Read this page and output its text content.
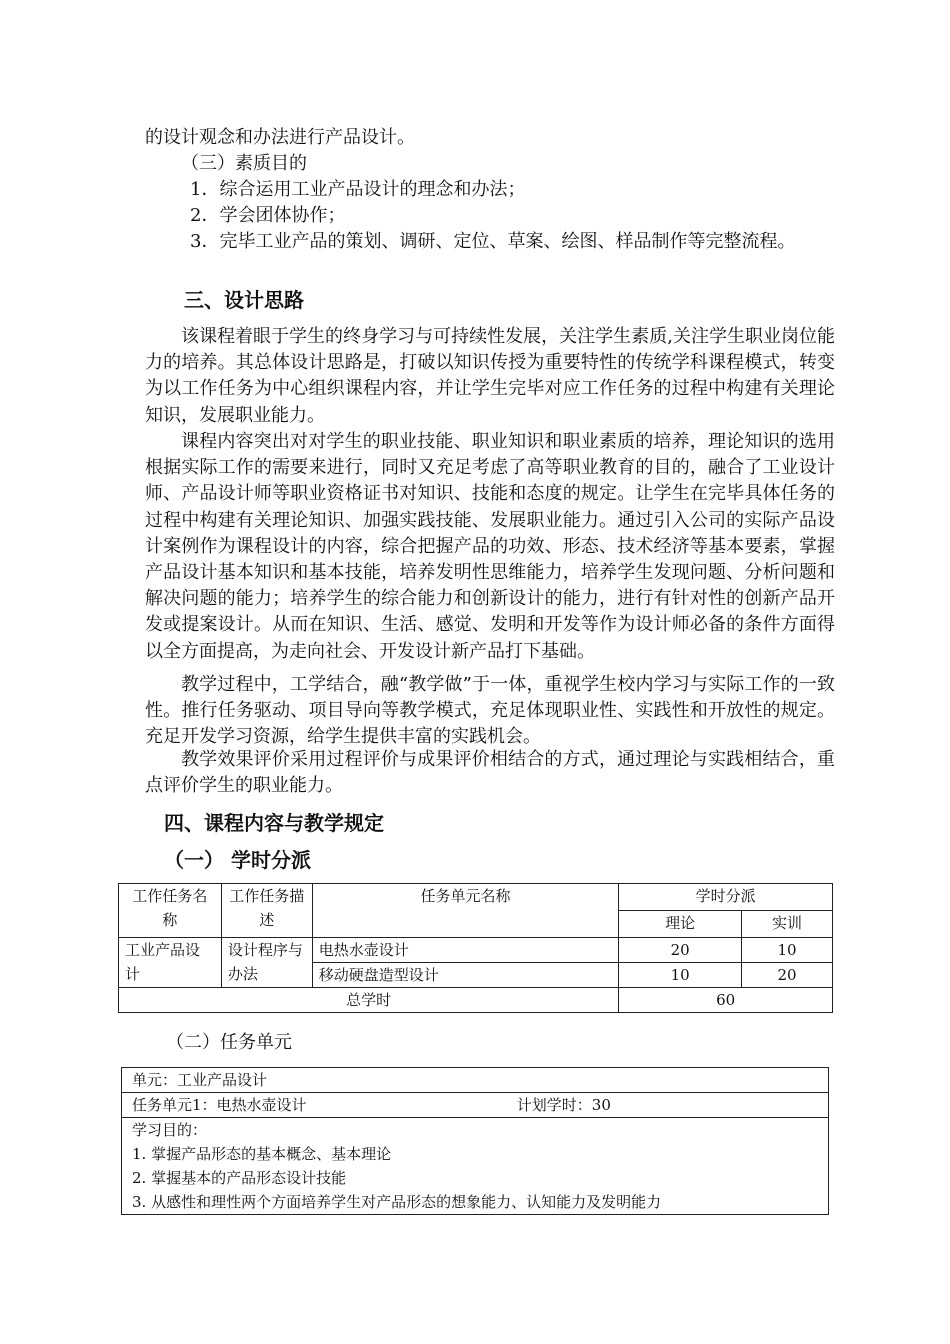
的设计观念和办法进行产品设计。
（三）素质目的
1．综合运用工业产品设计的理念和办法；
2．学会团体协作；
3．完毕工业产品的策划、调研、定位、草案、绘图、样品制作等完整流程。
三、设计思路
该课程着眼于学生的终身学习与可持续性发展，关注学生素质,关注学生职业岗位能力的培养。其总体设计思路是，打破以知识传授为重要特性的传统学科课程模式，转变为以工作任务为中心组织课程内容，并让学生完毕对应工作任务的过程中构建有关理论知识，发展职业能力。
课程内容突出对对学生的职业技能、职业知识和职业素质的培养，理论知识的选用根据实际工作的需要来进行，同时又充足考虑了高等职业教育的目的，融合了工业设计师、产品设计师等职业资格证书对知识、技能和态度的规定。让学生在完毕具体任务的过程中构建有关理论知识、加强实践技能、发展职业能力。通过引入公司的实际产品设计案例作为课程设计的内容，综合把握产品的功效、形态、技术经济等基本要素，掌握产品设计基本知识和基本技能，培养发明性思维能力，培养学生发现问题、分析问题和解决问题的能力；培养学生的综合能力和创新设计的能力，进行有针对性的创新产品开发或提案设计。从而在知识、生活、感觉、发明和开发等作为设计师必备的条件方面得以全方面提高，为走向社会、开发设计新产品打下基础。
教学过程中，工学结合，融“教学做”于一体，重视学生校内学习与实际工作的一致性。推行任务驱动、项目导向等教学模式，充足体现职业性、实践性和开放性的规定。充足开发学习资源，给学生提供丰富的实践机会。
教学效果评价采用过程评价与成果评价相结合的方式，通过理论与实践相结合，重点评价学生的职业能力。
四、课程内容与教学规定
（一） 学时分派
工作任务名称	工作任务描述	任务单元名称	学时分派	
			理论	实训
工业产品设计	设计程序与办法	电热水壶设计	20	10
		移动硬盘造型设计	10	20
总学时			60	
（二）任务单元
单元：工业产品设计
任务单元1：电热水壶设计	计划学时：30

学习目的：
1. 掌握产品形态的基本概念、基本理论
2. 掌握基本的产品形态设计技能
3. 从感性和理性两个方面培养学生对产品形态的想象能力、认知能力及发明能力
